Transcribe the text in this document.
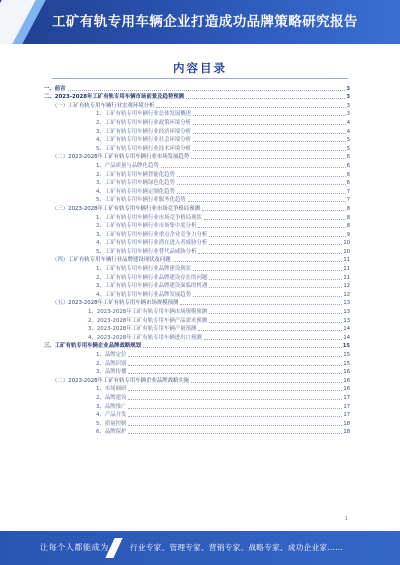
工矿有轨专用车辆企业打造成功品牌策略研究报告
内容目录
一、前言	3
二、2023-2028年工矿有轨专用车辆市场前景及趋势预测	3
（一）工矿有轨专用车辆行业宏观环境分析	3
1、工矿有轨专用车辆行业总体发展概述	3
2、工矿有轨专用车辆行业政策环境分析	4
3、工矿有轨专用车辆行业经济环境分析	4
4、工矿有轨专用车辆行业社会环境分析	5
5、工矿有轨专用车辆行业技术环境分析	5
（二）2023-2028年工矿有轨专用车辆行业市场发展趋势	6
1、产品质量与品牌化趋势	6
2、工矿有轨专用车辆智能化趋势	6
3、工矿有轨专用车辆绿色化趋势	6
4、工矿有轨专用车辆定制化趋势	7
5、工矿有轨专用车辆行业服务化趋势	7
（三）2023-2028年工矿有轨专用车辆行业市场竞争格局预测	8
1、工矿有轨专用车辆行业市场竞争格局现状	8
2、工矿有轨专用车辆行业市场集中度分析	8
3、工矿有轨专用车辆行业重点企业竞争力分析	9
4、工矿有轨专用车辆行业潜在进入者威胁分析	10
5、工矿有轨专用车辆行业替代品威胁分析	10
（四）工矿有轨专用车辆行业品牌建设现状及问题	11
1、工矿有轨专用车辆行业品牌建设现状	11
2、工矿有轨专用车辆行业品牌建设存在的问题	11
3、工矿有轨专用车辆行业品牌建设面临的机遇	12
4、工矿有轨专用车辆行业品牌发展趋势	12
（五）2023-2028年工矿有轨专用车辆市场规模预测	13
1、2023-2028年工矿有轨专用车辆市场规模预测	13
2、2023-2028年工矿有轨专用车辆产品需求预测	13
3、2023-2028年工矿有轨专用车辆产量预测	14
4、2023-2028年工矿有轨专用车辆进出口预测	14
三、工矿有轨专用车辆企业品牌战略规划	15
1、品牌定位	15
2、品牌识别	15
3、品牌传播	16
（二）2023-2028年工矿有轨专用车辆企业品牌战略实施	16
1、市场调研	16
2、品牌建设	17
3、品牌推广	17
4、产品开发	17
5、质量控制	18
6、品牌保护	18
1
让每个人都能成为	行业专家、管理专家、营销专家、战略专家、成功企业家……
